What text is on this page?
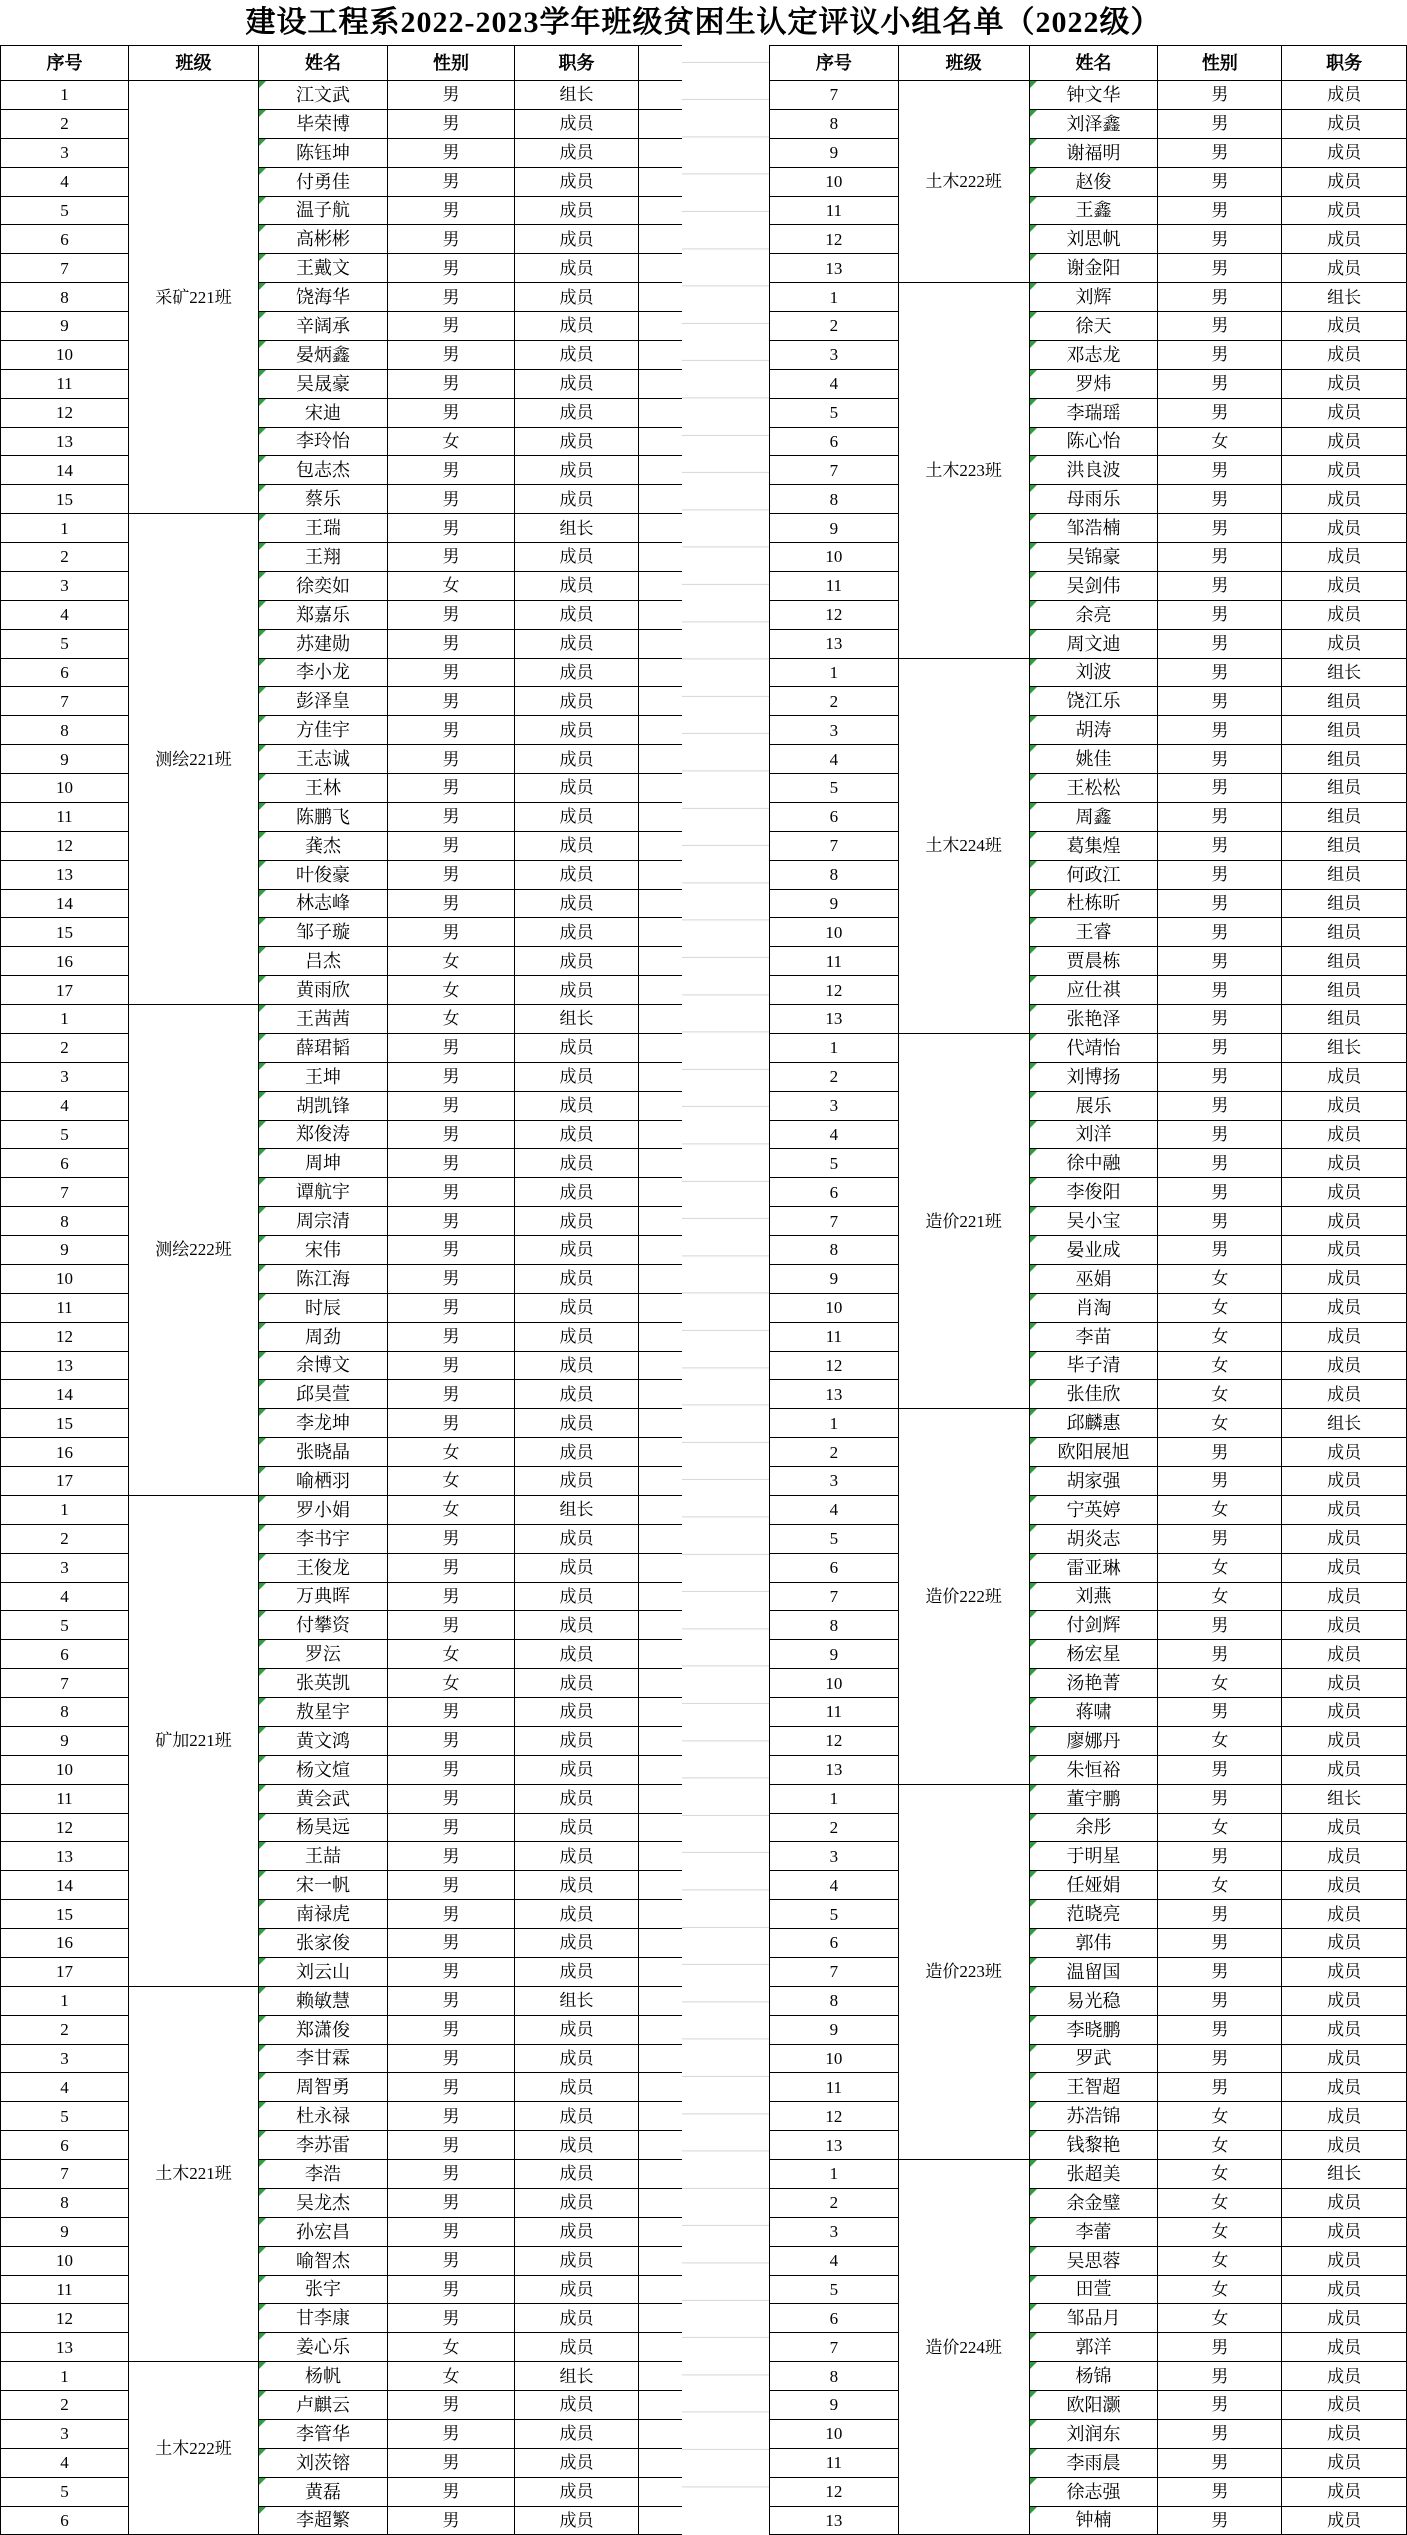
建设工程系2022-2023学年班级贫困生认定评议小组名单（2022级）
序号	班级	姓名	性别	职务	
1	采矿221班	江文武	男	组长	
2		毕荣博	男	成员	
3		陈钰坤	男	成员	
4		付勇佳	男	成员	
5		温子航	男	成员	
6		高彬彬	男	成员	
7		王戴文	男	成员	
8		饶海华	男	成员	
9		辛阔承	男	成员	
10		晏炳鑫	男	成员	
11		吴晟豪	男	成员	
12		宋迪	男	成员	
13		李玲怡	女	成员	
14		包志杰	男	成员	
15		蔡乐	男	成员	
1	测绘221班	王瑞	男	组长	
2		王翔	男	成员	
3		徐奕如	女	成员	
4		郑嘉乐	男	成员	
5		苏建勋	男	成员	
6		李小龙	男	成员	
7		彭泽皇	男	成员	
8		方佳宇	男	成员	
9		王志诚	男	成员	
10		王林	男	成员	
11		陈鹏飞	男	成员	
12		龚杰	男	成员	
13		叶俊豪	男	成员	
14		林志峰	男	成员	
15		邹子璇	男	成员	
16		吕杰	女	成员	
17		黄雨欣	女	成员	
1	测绘222班	王茜茜	女	组长	
2		薛珺韬	男	成员	
3		王坤	男	成员	
4		胡凯锋	男	成员	
5		郑俊涛	男	成员	
6		周坤	男	成员	
7		谭航宇	男	成员	
8		周宗清	男	成员	
9		宋伟	男	成员	
10		陈江海	男	成员	
11		时辰	男	成员	
12		周劲	男	成员	
13		余博文	男	成员	
14		邱昊萱	男	成员	
15		李龙坤	男	成员	
16		张晓晶	女	成员	
17		喻栖羽	女	成员	
1	矿加221班	罗小娟	女	组长	
2		李书宇	男	成员	
3		王俊龙	男	成员	
4		万典晖	男	成员	
5		付攀资	男	成员	
6		罗沄	女	成员	
7		张英凯	女	成员	
8		敖星宇	男	成员	
9		黄文鸿	男	成员	
10		杨文煊	男	成员	
11		黄会武	男	成员	
12		杨昊远	男	成员	
13		王喆	男	成员	
14		宋一帆	男	成员	
15		南禄虎	男	成员	
16		张家俊	男	成员	
17		刘云山	男	成员	
1	土木221班	赖敏慧	男	组长	
2		郑潇俊	男	成员	
3		李甘霖	男	成员	
4		周智勇	男	成员	
5		杜永禄	男	成员	
6		李苏雷	男	成员	
7		李浩	男	成员	
8		吴龙杰	男	成员	
9		孙宏昌	男	成员	
10		喻智杰	男	成员	
11		张宇	男	成员	
12		甘李康	男	成员	
13		姜心乐	女	成员	
1	土木222班	杨帆	女	组长	
2		卢麒云	男	成员	
3		李管华	男	成员	
4		刘茨镕	男	成员	
5		黄磊	男	成员	
6		李超繁	男	成员	
序号	班级	姓名	性别	职务
7	土木222班	钟文华	男	成员
8		刘泽鑫	男	成员
9		谢福明	男	成员
10		赵俊	男	成员
11		王鑫	男	成员
12		刘思帆	男	成员
13		谢金阳	男	成员
1	土木223班	刘辉	男	组长
2		徐天	男	成员
3		邓志龙	男	成员
4		罗炜	男	成员
5		李瑞瑶	男	成员
6		陈心怡	女	成员
7		洪良波	男	成员
8		母雨乐	男	成员
9		邹浩楠	男	成员
10		吴锦豪	男	成员
11		吴剑伟	男	成员
12		余亮	男	成员
13		周文迪	男	成员
1	土木224班	刘波	男	组长
2		饶江乐	男	组员
3		胡涛	男	组员
4		姚佳	男	组员
5		王松松	男	组员
6		周鑫	男	组员
7		葛集煌	男	组员
8		何政江	男	组员
9		杜栋昕	男	组员
10		王睿	男	组员
11		贾晨栋	男	组员
12		应仕祺	男	组员
13		张艳泽	男	组员
1	造价221班	代靖怡	男	组长
2		刘博扬	男	成员
3		展乐	男	成员
4		刘洋	男	成员
5		徐中融	男	成员
6		李俊阳	男	成员
7		吴小宝	男	成员
8		晏业成	男	成员
9		巫娟	女	成员
10		肖淘	女	成员
11		李苗	女	成员
12		毕子清	女	成员
13		张佳欣	女	成员
1	造价222班	邱麟惠	女	组长
2		欧阳展旭	男	成员
3		胡家强	男	成员
4		宁英婷	女	成员
5		胡炎志	男	成员
6		雷亚琳	女	成员
7		刘燕	女	成员
8		付剑辉	男	成员
9		杨宏星	男	成员
10		汤艳菁	女	成员
11		蒋啸	男	成员
12		廖娜丹	女	成员
13		朱恒裕	男	成员
1	造价223班	董宇鹏	男	组长
2		余彤	女	成员
3		于明星	男	成员
4		任娅娟	女	成员
5		范晓亮	男	成员
6		郭伟	男	成员
7		温留国	男	成员
8		易光稳	男	成员
9		李晓鹏	男	成员
10		罗武	男	成员
11		王智超	男	成员
12		苏浩锦	女	成员
13		钱黎艳	女	成员
1	造价224班	张超美	女	组长
2		余金璧	女	成员
3		李蕾	女	成员
4		吴思蓉	女	成员
5		田萱	女	成员
6		邹品月	女	成员
7		郭洋	男	成员
8		杨锦	男	成员
9		欧阳灏	男	成员
10		刘润东	男	成员
11		李雨晨	男	成员
12		徐志强	男	成员
13		钟楠	男	成员
